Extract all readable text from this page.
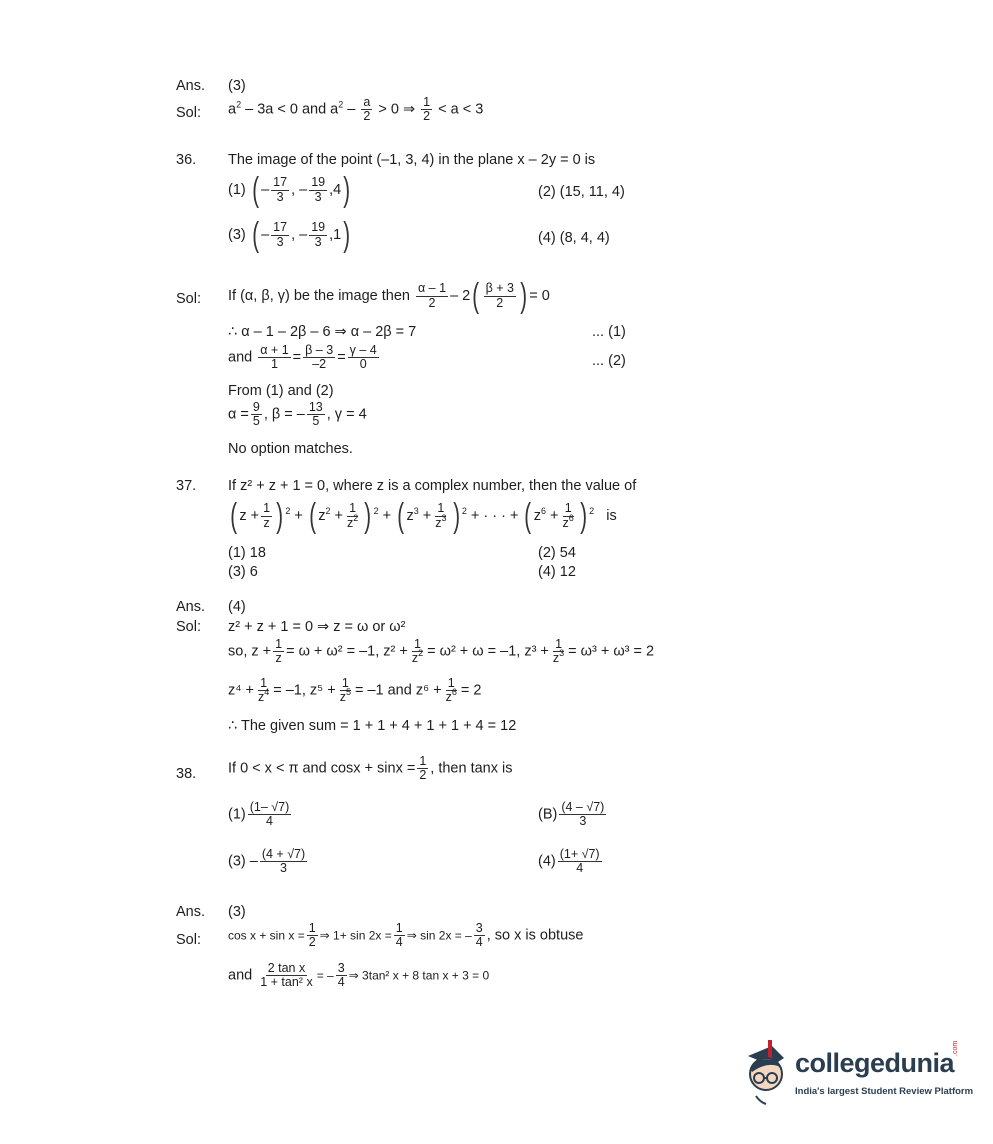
Ans. (3)
Sol: $a^2 - 3a < 0$ and $a^2 - \frac{a}{2} > 0$ ⇒ $\frac{1}{2} < a < 3$
36. The image of the point (–1, 3, 4) in the plane x – 2y = 0 is
(1) ( – $\frac{17}{3}$ , – $\frac{19}{3} ,4$)	(2) (15, 11, 4)
(3) ( – $\frac{17}{3}$ , – $\frac{19}{3} ,1$)	(4) (8, 4, 4)
Sol: If (α, β, γ) be the image then $\frac{\alpha - 1}{2} - 2( \frac{\beta + 3}{2}$ ) = 0
∴ α – 1 – 2β – 6 ⇒ α – 2β = 7	... (1)
and $\frac{\alpha + 1}{1} = \frac{\beta - 3}{-2} = \frac{\gamma - 4}{0}$	... (2)
From (1) and (2)
$\alpha = \frac{9}{5}$ , β = – $\frac{13}{5}$ , γ = 4
No option matches.
37. If z² + z + 1 = 0, where z is a complex number, then the value of
( $z + \frac{1}{z}$ ) $^2$ + ( $z^2 + \frac{1}{z^2}$ ) $^2$ + ( $z^3 + \frac{1}{z^3}$ ) $^2$ + · · · + ( $z^6 + \frac{1}{z^6}$ ) $^2$ is
(1) 18	(2) 54
(3) 6	(4) 12
Ans. (4)
Sol: z² + z + 1 = 0 ⇒ z = ω or ω²
so, $z + \frac{1}{z} = \omega + \omega^2 = -1$, $z^2 + \frac{1}{z^2} = \omega^2 + \omega = -1$, $z^3 + \frac{1}{z^3} = \omega^3 + \omega^3 = 2$
$z^4 + \frac{1}{z^4} = -1$, $z^5 + \frac{1}{z^5} = -1$ and $z^6 + \frac{1}{z^6} = 2$
∴ The given sum = 1 + 1 + 4 + 1 + 1 + 4 = 12
38. If 0 < x < π and $\cos x + \sin x = \frac{1}{2}$ , then tanx is
$(1) \frac{(1- √7)}{4}$	$(B) \frac{(4 - √7)}{3}$
$(3) - \frac{(4 + √7)}{3}$	$(4) \frac{(1+ √7)}{4}$
Ans. (3)
Sol: $\cos x + \sin x = \frac{1}{2}$ ⇒ $1+ \sin 2x = \frac{1}{4}$ ⇒ sin 2x = – $\frac{3}{4}$ , so x is obtuse
and $\frac{\text{2 tan x}}{\text{1 + tan² x}}$ = – $\frac{3}{4}$ ⇒ 3tan² x + 8 tan x + 3 = 0
collegedunia
.com
India's largest Student Review Platform
